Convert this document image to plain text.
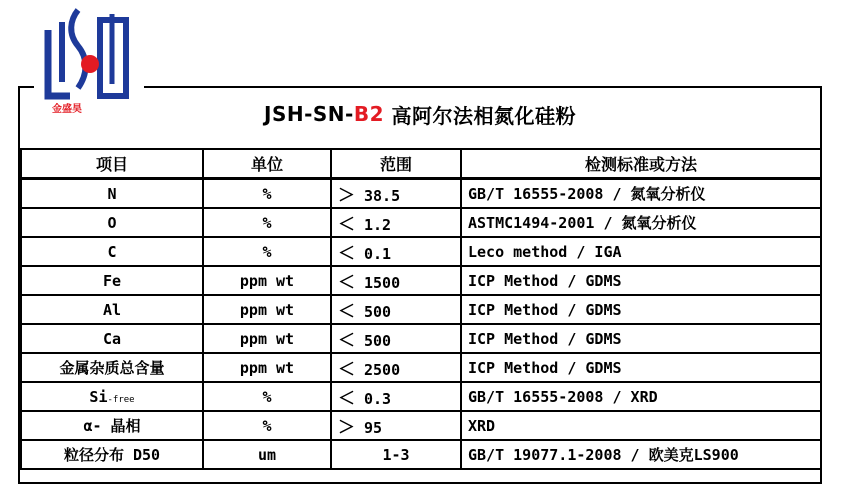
金盛昊	JSH-SN- B2 高阿尔法相氮化硅粉
项目	单位	范围	检测标准或方法
N	%	＞ 38.5	GB/T 16555-2008 / 氮氧分析仪
O	%	＜ 1.2	ASTMC1494-2001 / 氮氧分析仪
C	%	＜ 0.1	Leco method / IGA
Fe	ppm wt	＜ 1500	ICP Method / GDMS
Al	ppm wt	＜ 500	ICP Method / GDMS
Ca	ppm wt	＜ 500	ICP Method / GDMS
金属杂质总含量	ppm wt	＜ 2500	ICP Method / GDMS
Si-free	%	＜ 0.3	GB/T 16555-2008 / XRD
α- 晶相	%	＞ 95	XRD
粒径分布 D50	um	1-3	GB/T 19077.1-2008 / 欧美克LS900
